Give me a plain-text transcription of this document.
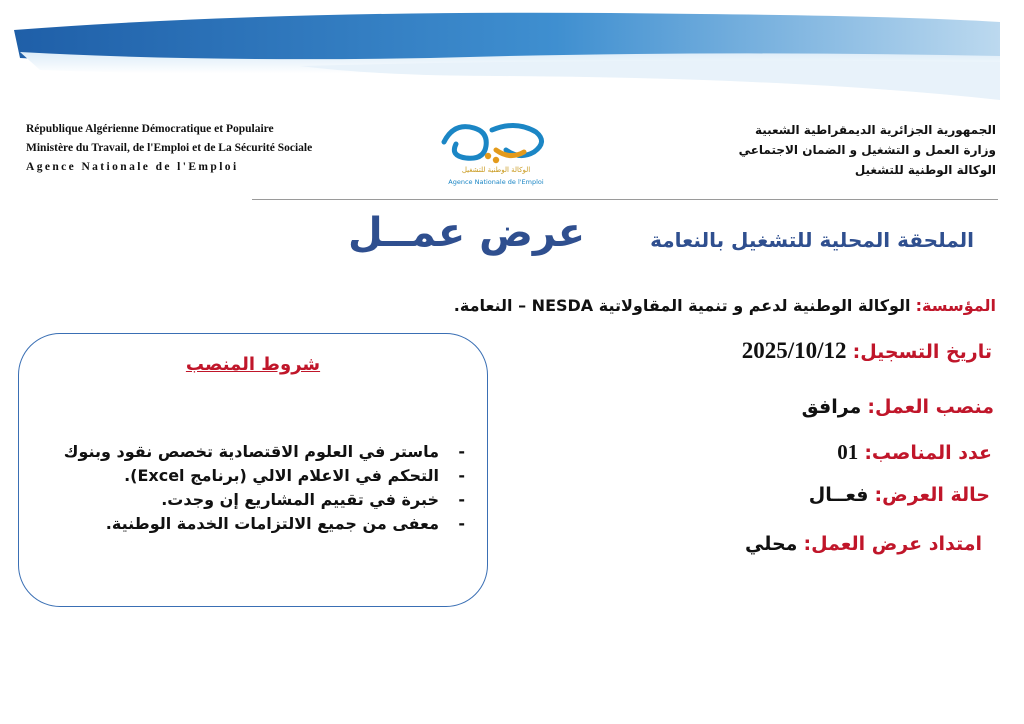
République Algérienne Démocratique et Populaire
Ministère du Travail, de l'Emploi et de La Sécurité Sociale
Agence Nationale de l'Emploi	الوكالة الوطنية للتشغيل
Agence Nationale de l'Emploi
الجمهورية الجزائرية الديمقراطية الشعبية
وزارة العمل و التشغيل و الضمان الاجتماعي
الوكالة الوطنية للتشغيل
عرض عمــل	الملحقة المحلية للتشغيل بالنعامة
المؤسسة: الوكالة الوطنية لدعم و تنمية المقاولاتية NESDA – النعامة.
تاريخ التسجيل: 2025/10/12
منصب العمل: مرافق
عدد المناصب: 01
حالة العرض: فعــال
امتداد عرض العمل: محلي
شروط المنصب
-ماستر في العلوم الاقتصادية تخصص نقود وبنوك
-التحكم في الاعلام الالي (برنامج Excel).
-خبرة في تقييم المشاريع إن وجدت.
-معفى من جميع الالتزامات الخدمة الوطنية.
